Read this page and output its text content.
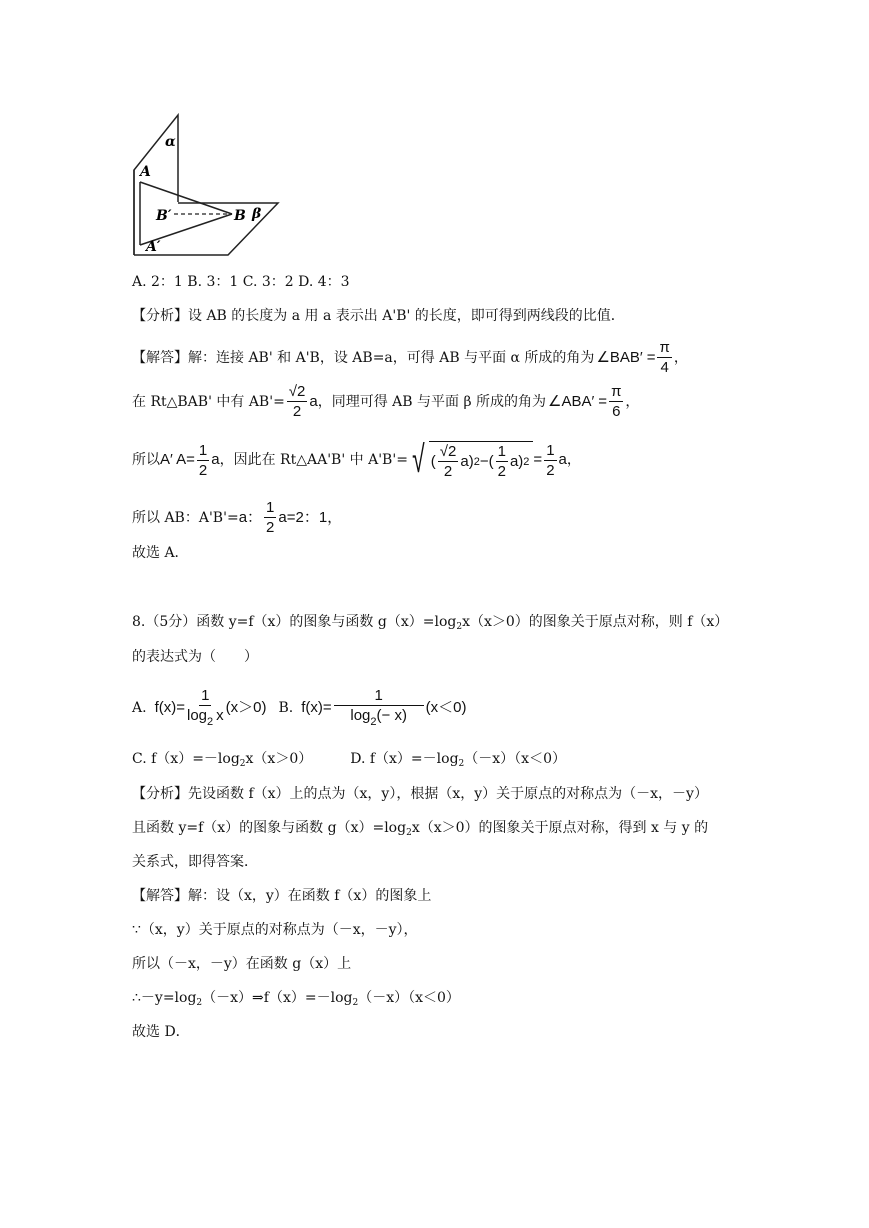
α
A
B′	B β
A′
A. 2：1 B. 3：1 C. 3：2 D. 4：3
【分析】设 AB 的长度为 a 用 a 表示出 A'B' 的长度，即可得到两线段的比值．
【解答】解：连接 AB' 和 A'B，设 AB=a，可得 AB 与平面 α 所成的角为 ∠BAB′ = $\frac{\pi}{4}$ ，
在 Rt△BAB' 中有 $AB'= \frac{√2}{2}$ a ，同理可得 AB 与平面 β 所成的角为 ∠ABA′ = $\frac{\pi}{6}$ ，
所以 A′ $A= \frac{1}{2}$ a ，因此在 Rt△AA'B' 中 A'B'= √ ( $\frac{√2}{2} a$) 2 − ( $\frac{1}{2} a$) $2 = \frac{1}{2}$ a ，
所以 AB：A'B'= a： $\frac{1}{2} a=2$：1，
故选 A．
8.（5分）函数 y=f（x）的图象与函数 $g(x)=\log_2x(x>0)$的图象关于原点对称，则 f（x）
的表达式为（　　）
A. $f(x)= \frac{1}{\log_2 x} (x>0)$ B. $f(x)= \frac{1}{\log_2(- x)} (x<0)$
C. $f(x)=-\log_2x(x>0)$	D. $f(x)=-\log_2(-x)(x<0)$
【分析】先设函数 f（x）上的点为（x，y），根据（x，y）关于原点的对称点为（－x，－y）
且函数 y=f（x）的图象与函数 $g(x)=\log_2x(x>0)$的图象关于原点对称，得到 x 与 y 的
关系式，即得答案．
【解答】解：设（x，y）在函数 f（x）的图象上
∵（x，y）关于原点的对称点为（－x，－y），
所以（－x，－y）在函数 g（x）上
$\therefore-y=\log_2(-x)\Rightarrow f(x)=-\log_2(-x)(x<0)$
故选 D．
